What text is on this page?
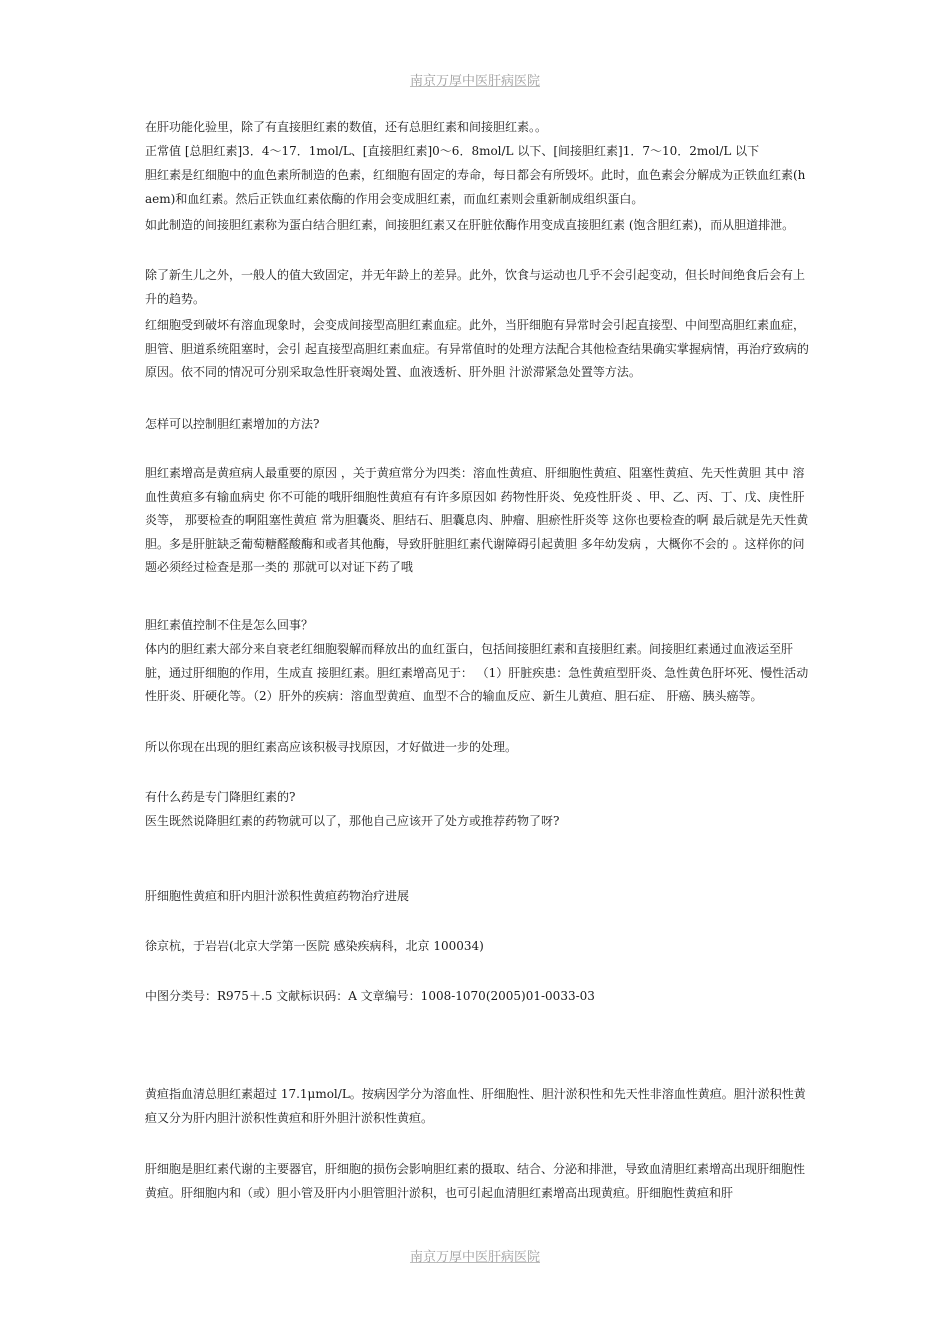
南京万厚中医肝病医院

在肝功能化验里，除了有直接胆红素的数值，还有总胆红素和间接胆红素。。

正常值 [总胆红素]3．4～17．1mol/L、[直接胆红素]0～6．8mol/L 以下、[间接胆红素]1．7～10．2mol/L 以下

胆红素是红细胞中的血色素所制造的色素，红细胞有固定的寿命，每日都会有所毁坏。此时，血色素会分解成为正铁血红素(haem)和血红素。然后正铁血红素依酶的作用会变成胆红素，而血红素则会重新制成组织蛋白。

如此制造的间接胆红素称为蛋白结合胆红素，间接胆红素又在肝脏依酶作用变成直接胆红素 (饱含胆红素)，而从胆道排泄。

除了新生儿之外，一般人的值大致固定，并无年龄上的差异。此外，饮食与运动也几乎不会引起变动，但长时间绝食后会有上升的趋势。

红细胞受到破坏有溶血现象时，会变成间接型高胆红素血症。此外，当肝细胞有异常时会引起直接型、中间型高胆红素血症，胆管、胆道系统阻塞时，会引 起直接型高胆红素血症。有异常值时的处理方法配合其他检查结果确实掌握病情，再治疗致病的原因。依不同的情况可分别采取急性肝衰竭处置、血液透析、肝外胆 汁淤滞紧急处置等方法。

怎样可以控制胆红素增加的方法?

胆红素增高是黄疸病人最重要的原因 ，关于黄疸常分为四类：溶血性黄疸、肝细胞性黄疸、阻塞性黄疸、先天性黄胆 其中 溶血性黄疸多有输血病史 你不可能的哦肝细胞性黄疸有有许多原因如 药物性肝炎、免疫性肝炎 、甲、乙、丙、丁、戊、庚性肝炎等， 那要检查的啊阻塞性黄疸 常为胆囊炎、胆结石、胆囊息肉、肿瘤、胆瘀性肝炎等 这你也要检查的啊 最后就是先天性黄胆。多是肝脏缺乏葡萄糖醛酸酶和或者其他酶，导致肝脏胆红素代谢障碍引起黄胆 多年幼发病 ，大概你不会的 。这样你的问题必须经过检查是那一类的 那就可以对证下药了哦

胆红素值控制不住是怎么回事？

体内的胆红素大部分来自衰老红细胞裂解而释放出的血红蛋白，包括间接胆红素和直接胆红素。间接胆红素通过血液运至肝脏，通过肝细胞的作用，生成直 接胆红素。胆红素增高见于： （1）肝脏疾患：急性黄疸型肝炎、急性黄色肝坏死、慢性活动性肝炎、肝硬化等。（2）肝外的疾病：溶血型黄疸、血型不合的输血反应、新生儿黄疸、胆石症、 肝癌、胰头癌等。

所以你现在出现的胆红素高应该积极寻找原因，才好做进一步的处理。

有什么药是专门降胆红素的?

医生既然说降胆红素的药物就可以了，那他自己应该开了处方或推荐药物了呀?

肝细胞性黄疸和肝内胆汁淤积性黄疸药物治疗进展

徐京杭，于岩岩(北京大学第一医院 感染疾病科，北京 100034)

中图分类号：R975＋.5 文献标识码：A 文章编号：1008-1070(2005)01-0033-03

黄疸指血清总胆红素超过 17.1μmol/L。按病因学分为溶血性、肝细胞性、胆汁淤积性和先天性非溶血性黄疸。胆汁淤积性黄疸又分为肝内胆汁淤积性黄疸和肝外胆汁淤积性黄疸。

肝细胞是胆红素代谢的主要器官，肝细胞的损伤会影响胆红素的摄取、结合、分泌和排泄，导致血清胆红素增高出现肝细胞性黄疸。肝细胞内和（或）胆小管及肝内小胆管胆汁淤积，也可引起血清胆红素增高出现黄疸。肝细胞性黄疸和肝

南京万厚中医肝病医院
